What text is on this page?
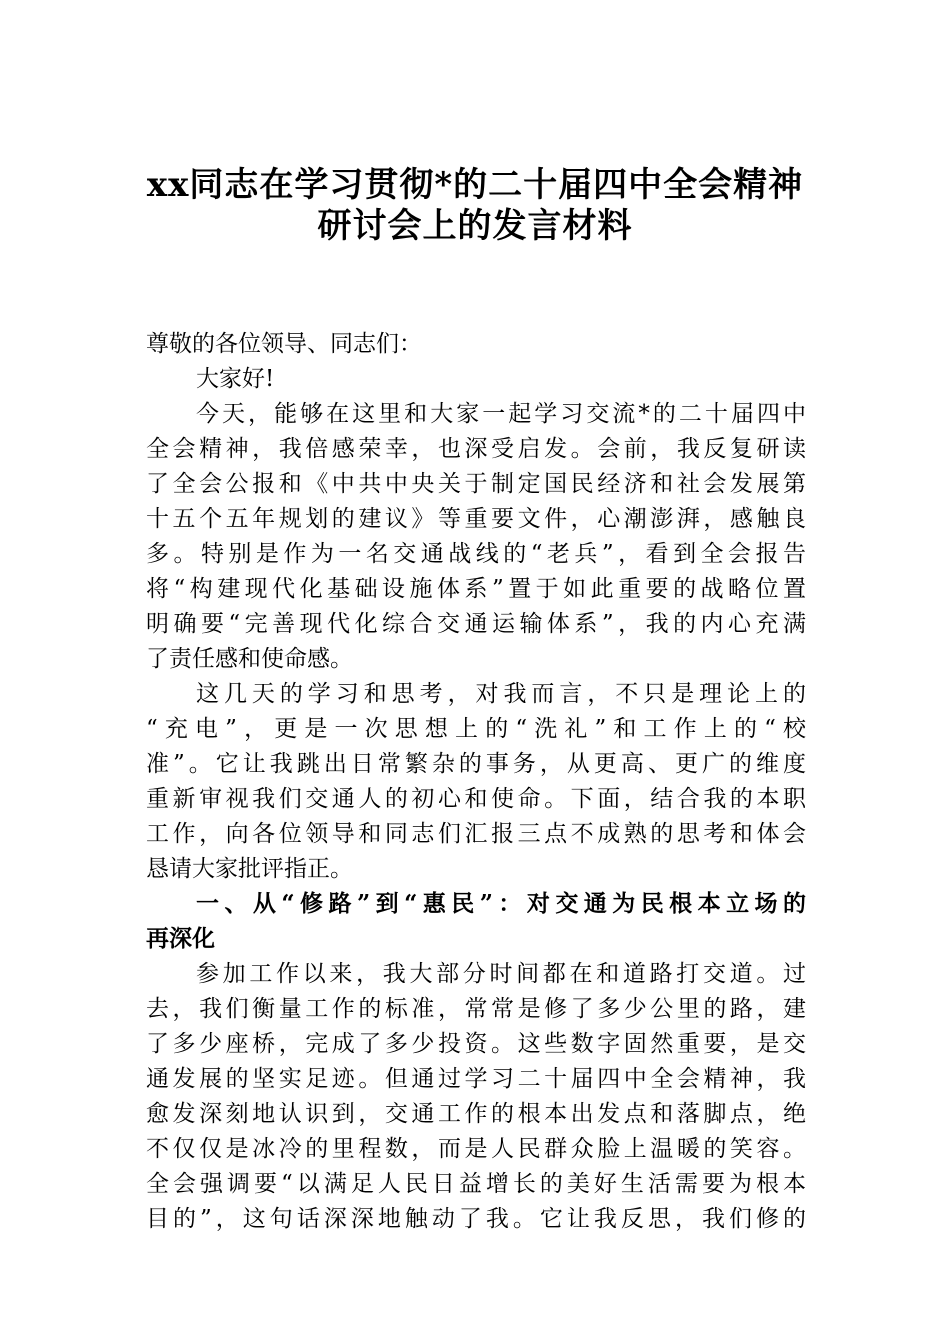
xx同志在学习贯彻*的二十届四中全会精神
研讨会上的发言材料
尊敬的各位领导、同志们：
大家好!
今天，能够在这里和大家一起学习交流*的二十届四中
全会精神，我倍感荣幸，也深受启发。会前，我反复研读
了全会公报和《中共中央关于制定国民经济和社会发展第
十五个五年规划的建议》等重要文件，心潮澎湃，感触良
多。特别是作为一名交通战线的“老兵”，看到全会报告
将“构建现代化基础设施体系”置于如此重要的战略位置
明确要“完善现代化综合交通运输体系”，我的内心充满
了责任感和使命感。
这几天的学习和思考，对我而言，不只是理论上的
“充电”，更是一次思想上的“洗礼”和工作上的“校
准”。它让我跳出日常繁杂的事务，从更高、更广的维度
重新审视我们交通人的初心和使命。下面，结合我的本职
工作，向各位领导和同志们汇报三点不成熟的思考和体会
恳请大家批评指正。
一、从“修路”到“惠民”：对交通为民根本立场的
再深化
参加工作以来，我大部分时间都在和道路打交道。过
去，我们衡量工作的标准，常常是修了多少公里的路，建
了多少座桥，完成了多少投资。这些数字固然重要，是交
通发展的坚实足迹。但通过学习二十届四中全会精神，我
愈发深刻地认识到，交通工作的根本出发点和落脚点，绝
不仅仅是冰冷的里程数，而是人民群众脸上温暖的笑容。
全会强调要“以满足人民日益增长的美好生活需要为根本
目的”，这句话深深地触动了我。它让我反思，我们修的
